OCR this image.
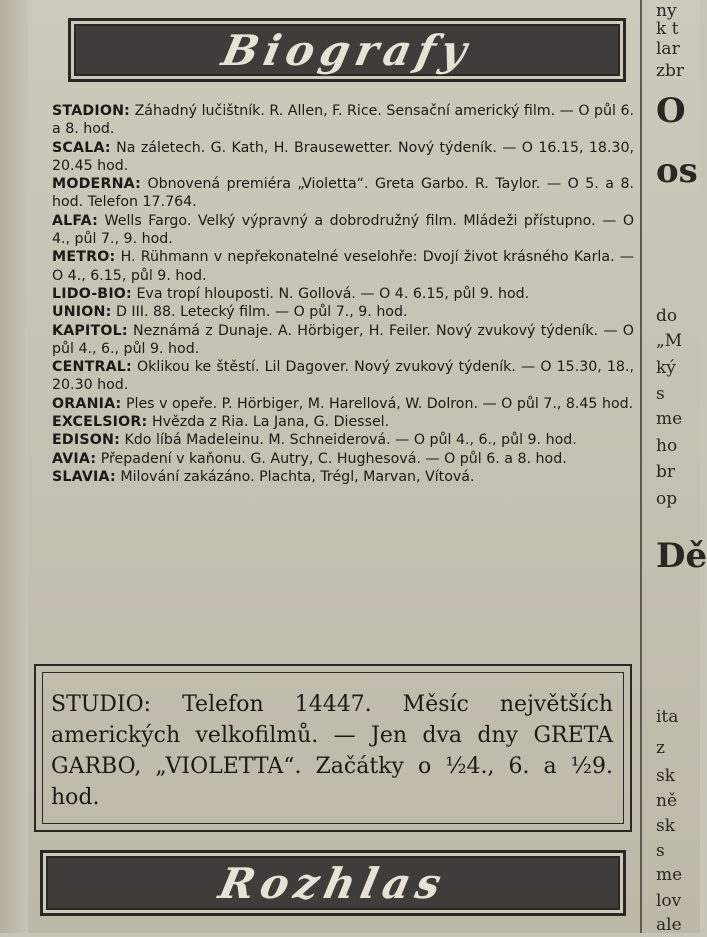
Biografy

STADION: Záhadný lučištník. R. Allen, F. Rice. Sensační americký film. — O půl 6. a 8. hod.

SCALA: Na záletech. G. Kath, H. Brausewetter. Nový týdeník. — O 16.15, 18.30, 20.45 hod.

MODERNA: Obnovená premiéra „Violetta“. Greta Garbo. R. Taylor. — O 5. a 8. hod. Telefon 17.764.

ALFA: Wells Fargo. Velký výpravný a dobrodružný film. Mládeži přístupno. — O 4., půl 7., 9. hod.

METRO: H. Rühmann v nepřekonatelné veselohře: Dvojí život krásného Karla. — O 4., 6.15, půl 9. hod.

LIDO-BIO: Eva tropí hlouposti. N. Gollová. — O 4. 6.15, půl 9. hod.

UNION: D III. 88. Letecký film. — O půl 7., 9. hod.

KAPITOL: Neznámá z Dunaje. A. Hörbiger, H. Feiler. Nový zvukový týdeník. — O půl 4., 6., půl 9. hod.

CENTRAL: Oklikou ke štěstí. Lil Dagover. Nový zvukový týdeník. — O 15.30, 18., 20.30 hod.

ORANIA: Ples v opeře. P. Hörbiger, M. Harellová, W. Dolron. — O půl 7., 8.45 hod.

EXCELSIOR: Hvězda z Ria. La Jana, G. Diessel.

EDISON: Kdo líbá Madeleinu. M. Schneiderová. — O půl 4., 6., půl 9. hod.

AVIA: Přepadení v kaňonu. G. Autry, C. Hughesová. — O půl 6. a 8. hod.

SLAVIA: Milování zakázáno. Plachta, Trégl, Marvan, Vítová.

STUDIO: Telefon 14447. Měsíc největších amerických velkofilmů. — Jen dva dny GRETA GARBO, „VIOLETTA“. Začátky o ½4., 6. a ½9. hod.
Rozhlas
ny
k t
lar
zbr
O
os
do
„M
ký
s
me
ho
br
op
Dě
ita
z
sk
ně
sk
s
me
lov
ale
